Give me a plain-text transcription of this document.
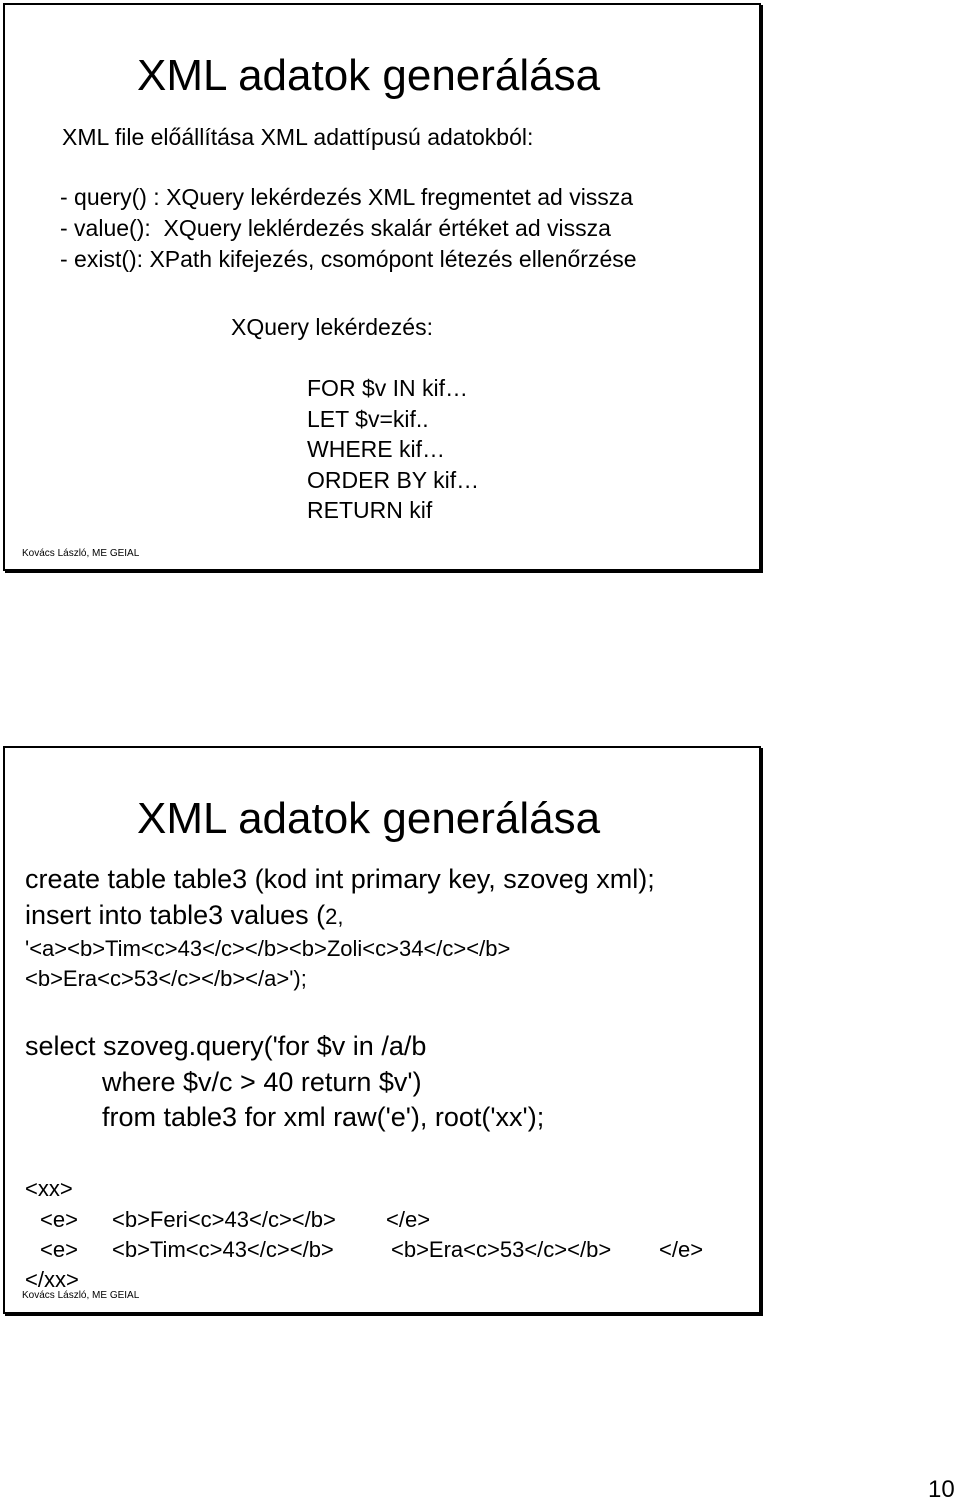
XML adatok generálása
XML file előállítása XML adattípusú adatokból:
- query() : XQuery lekérdezés XML fregmentet ad vissza
- value():  XQuery leklérdezés skalár értéket ad vissza
- exist(): XPath kifejezés, csomópont létezés ellenőrzése
XQuery lekérdezés:
FOR $v IN kif…
LET $v=kif..
WHERE kif…
ORDER BY kif…
RETURN kif
Kovács László, ME GEIAL
XML adatok generálása
create table table3 (kod int primary key, szoveg xml);
insert into table3 values (2,
'<a><b>Tim<c>43</c></b><b>Zoli<c>34</c></b>
<b>Era<c>53</c></b></a>');
select szoveg.query('for $v in /a/b
where $v/c > 40 return $v')
from table3 for xml raw('e'), root('xx');
<xx>
<e> <b>Feri<c>43</c></b> </e>
<e> <b>Tim<c>43</c></b>	<b>Era<c>53</c></b> </e>
</xx>
Kovács László, ME GEIAL
10
